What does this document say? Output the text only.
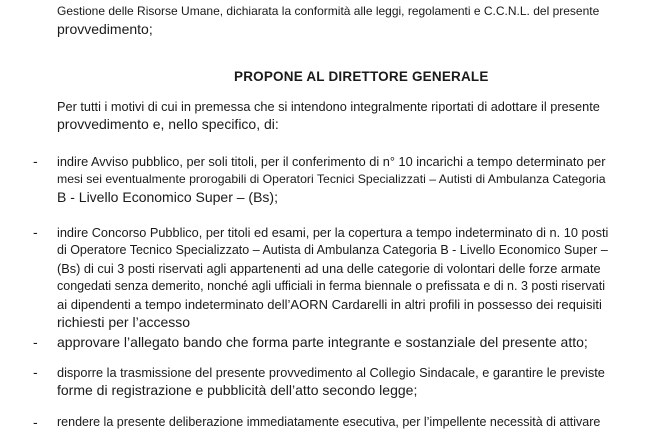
Gestione delle Risorse Umane, dichiarata la conformità alle leggi, regolamenti e C.C.N.L. del presente
provvedimento;
PROPONE AL DIRETTORE GENERALE
Per tutti i motivi di cui in premessa che si intendono integralmente riportati di adottare il presente
provvedimento e, nello specifico, di:
- indire Avviso pubblico, per soli titoli, per il conferimento di n° 10 incarichi a tempo determinato per
mesi sei eventualmente prorogabili di Operatori Tecnici Specializzati – Autisti di Ambulanza Categoria
B - Livello Economico Super – (Bs);
- indire Concorso Pubblico, per titoli ed esami, per la copertura a tempo indeterminato di n. 10 posti
di Operatore Tecnico Specializzato – Autista di Ambulanza Categoria B - Livello Economico Super –
(Bs) di cui 3 posti riservati agli appartenenti ad una delle categorie di volontari delle forze armate
congedati senza demerito, nonché agli ufficiali in ferma biennale o prefissata e di n. 3 posti riservati
ai dipendenti a tempo indeterminato dell’AORN Cardarelli in altri profili in possesso dei requisiti
richiesti per l’accesso
- approvare l’allegato bando che forma parte integrante e sostanziale del presente atto;
- disporre la trasmissione del presente provvedimento al Collegio Sindacale, e garantire le previste
forme di registrazione e pubblicità dell’atto secondo legge;
- rendere la presente deliberazione immediatamente esecutiva, per l’impellente necessità di attivare
